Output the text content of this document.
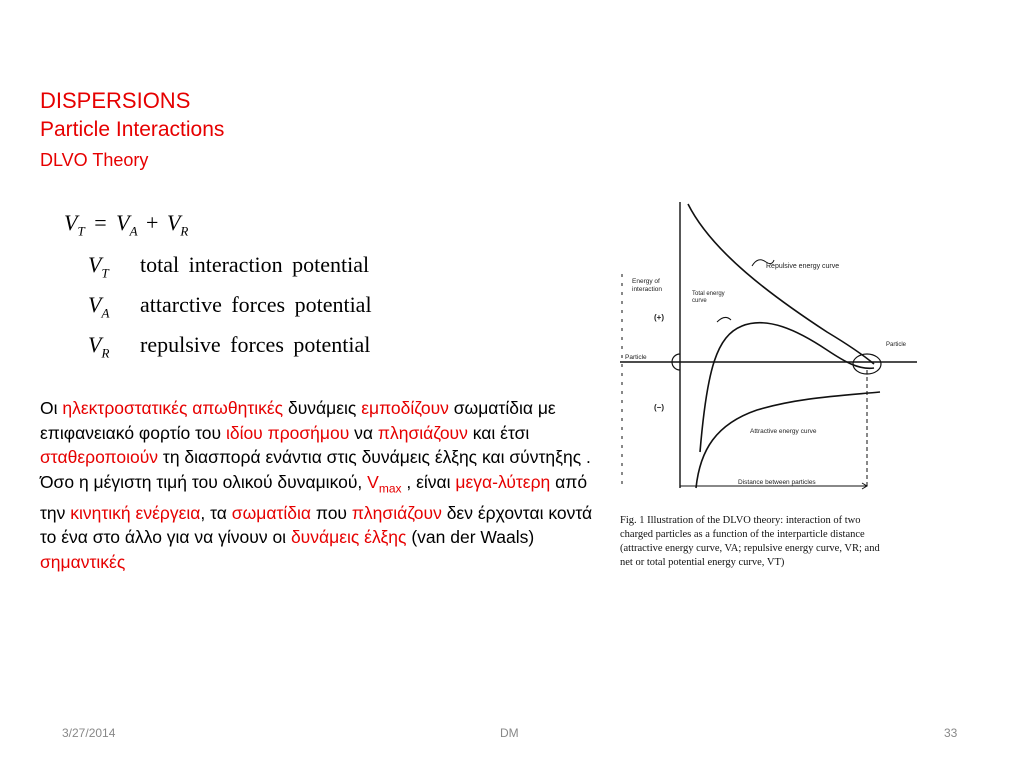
DISPERSIONS
Particle Interactions
DLVO Theory
$V_T = V_A + V_R$
$V_T$ total interaction potential
$V_A$ attarctive forces potential
$V_R$ repulsive forces potential
Οι ηλεκτροστατικές απωθητικές δυνάμεις εμποδίζουν σωματίδια με επιφανειακό φορτίο του ιδίου προσήμου να πλησιάζουν και έτσι σταθεροποιούν τη διασπορά ενάντια στις δυνάμεις έλξης και σύντηξης . Όσο η μέγιστη τιμή του ολικού δυναμικού, $V_{max}$ , είναι μεγα-λύτερη από την κινητική ενέργεια, τα σωματίδια που πλησιάζουν δεν έρχονται κοντά το ένα στο άλλο για να γίνουν οι δυνάμεις έλξης (van der Waals) σημαντικές
Repulsive energy curve
Energy of
interaction
Total energy
curve
(+)
(−)
Particle
Particle
Attractive energy curve
Distance between particles
Fig. 1 Illustration of the DLVO theory: interaction of two
charged particles as a function of the interparticle distance
(attractive energy curve, VA; repulsive energy curve, VR; and
net or total potential energy curve, VT)
3/27/2014	DM	33
